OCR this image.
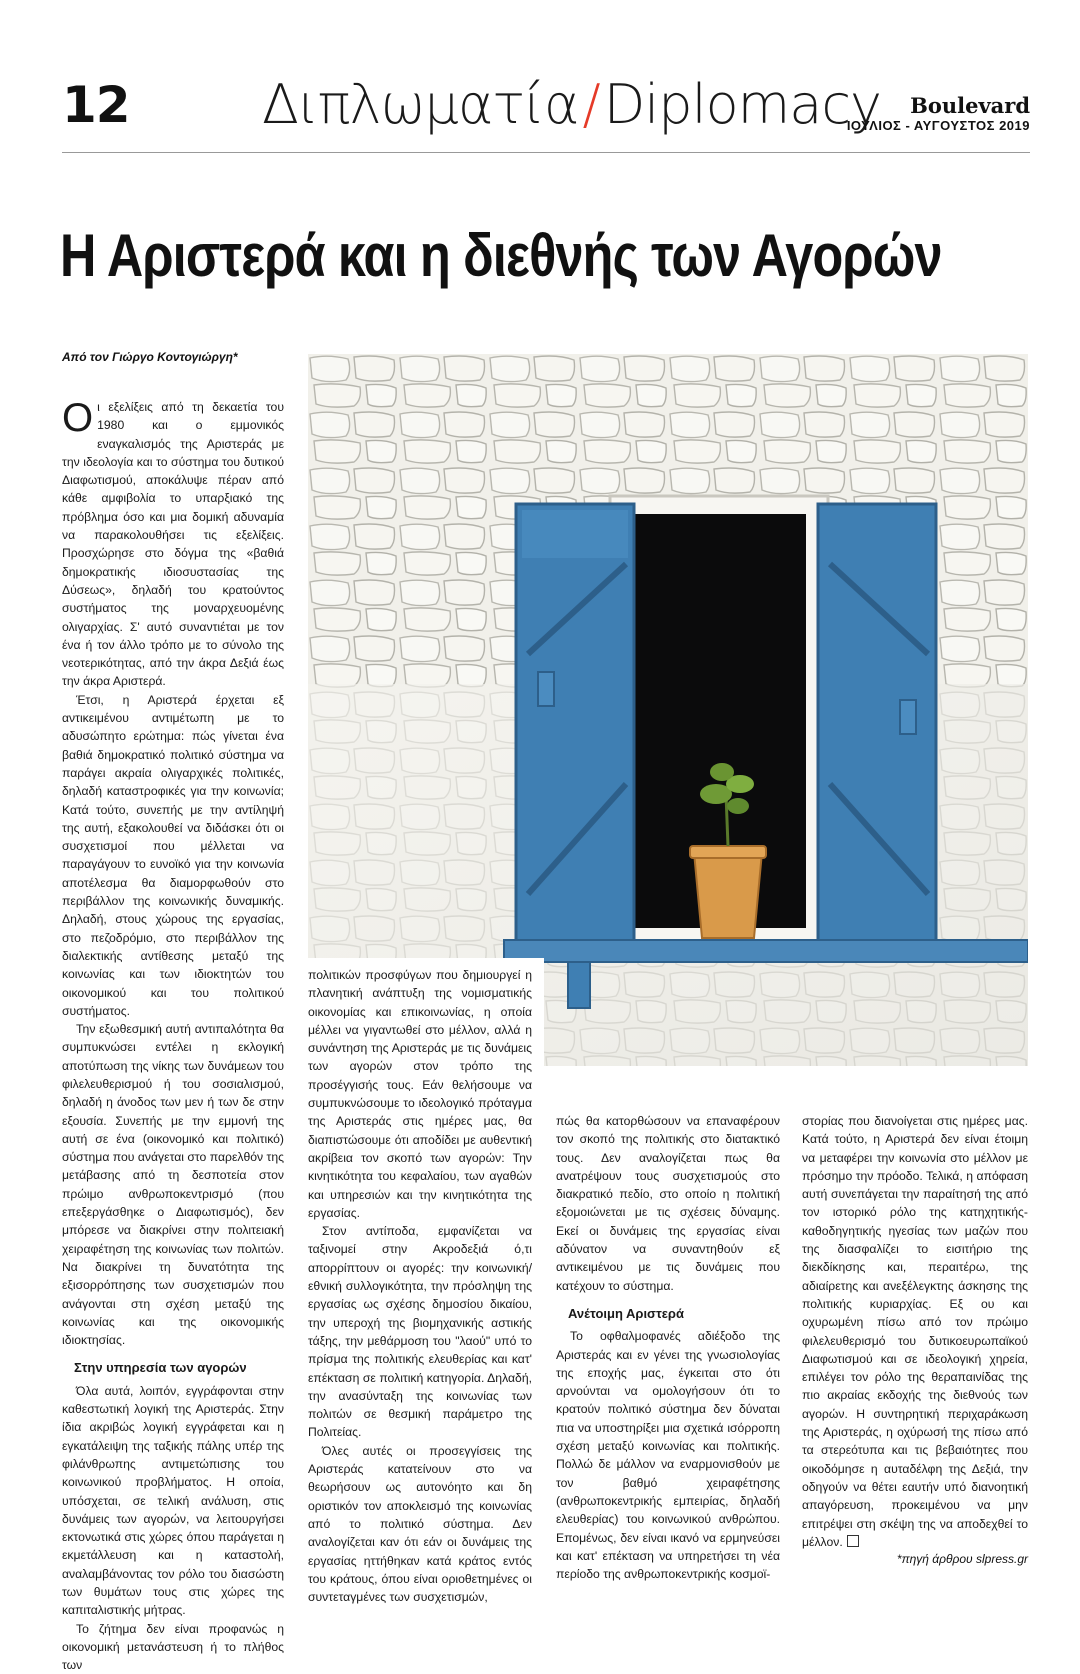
12 Διπλωματία/Diplomacy	Boulevard
ΙΟΥΛΙΟΣ - ΑΥΓΟΥΣΤΟΣ 2019
Η Αριστερά και η διεθνής των Αγορών
Από τον Γιώργο Κοντογιώργη*

Οι εξελίξεις από τη δεκαετία του 1980 και ο εμμονικός εναγκαλισμός της Αριστεράς με την ιδεολογία και το σύστημα του δυτικού Διαφωτισμού, αποκάλυψε πέραν από κάθε αμφιβολία το υπαρξιακό της πρόβλημα όσο και μια δομική αδυναμία να παρακολουθήσει τις εξελίξεις. Προσχώρησε στο δόγμα της «βαθιά δημοκρατικής ιδιοσυστασίας της Δύσεως», δηλαδή του κρατούντος συστήματος της μοναρχευομένης ολιγαρχίας. Σ' αυτό συναντιέται με τον ένα ή τον άλλο τρόπο με το σύνολο της νεοτερικότητας, από την άκρα Δεξιά έως την άκρα Αριστερά.

Έτσι, η Αριστερά έρχεται εξ αντικειμένου αντιμέτωπη με το αδυσώπητο ερώτημα: πώς γίνεται ένα βαθιά δημοκρατικό πολιτικό σύστημα να παράγει ακραία ολιγαρχικές πολιτικές, δηλαδή καταστροφικές για την κοινωνία; Κατά τούτο, συνεπής με την αντίληψή της αυτή, εξακολουθεί να διδάσκει ότι οι συσχετισμοί που μέλλεται να παραγάγουν το ευνοϊκό για την κοινωνία αποτέλεσμα θα διαμορφωθούν στο περιβάλλον της κοινωνικής δυναμικής. Δηλαδή, στους χώρους της εργασίας, στο πεζοδρόμιο, στο περιβάλλον της διαλεκτικής αντίθεσης μεταξύ της κοινωνίας και των ιδιοκτητών του οικονομικού και του πολιτικού συστήματος.

Την εξωθεσμική αυτή αντιπαλότητα θα συμπυκνώσει εντέλει η εκλογική αποτύπωση της νίκης των δυνάμεων του φιλελευθερισμού ή του σοσιαλισμού, δηλαδή η άνοδος των μεν ή των δε στην εξουσία. Συνεπής με την εμμονή της αυτή σε ένα (οικονομικό και πολιτικό) σύστημα που ανάγεται στο παρελθόν της μετάβασης από τη δεσποτεία στον πρώιμο ανθρωποκεντρισμό (που επεξεργάσθηκε ο Διαφωτισμός), δεν μπόρεσε να διακρίνει στην πολιτειακή χειραφέτηση της κοινωνίας των πολιτών. Να διακρίνει τη δυνατότητα της εξισορρόπησης των συσχετισμών που ανάγονται στη σχέση μεταξύ της κοινωνίας και της οικονομικής ιδιοκτησίας.

Στην υπηρεσία των αγορών

Όλα αυτά, λοιπόν, εγγράφονται στην καθεστωτική λογική της Αριστεράς. Στην ίδια ακριβώς λογική εγγράφεται και η εγκατάλειψη της ταξικής πάλης υπέρ της φιλάνθρωπης αντιμετώπισης του κοινωνικού προβλήματος. Η οποία, υπόσχεται, σε τελική ανάλυση, στις δυνάμεις των αγορών, να λειτουργήσει εκτονωτικά στις χώρες όπου παράγεται η εκμετάλλευση και η καταστολή, αναλαμβάνοντας τον ρόλο του διασώστη των θυμάτων τους στις χώρες της καπιταλιστικής μήτρας.

Το ζήτημα δεν είναι προφανώς η οικονομική μετανάστευση ή το πλήθος των

πολιτικών προσφύγων που δημιουργεί η πλανητική ανάπτυξη της νομισματικής οικονομίας και επικοινωνίας, η οποία μέλλει να γιγαντωθεί στο μέλλον, αλλά η συνάντηση της Αριστεράς με τις δυνάμεις των αγορών στον τρόπο της προσέγγισής τους. Εάν θελήσουμε να συμπυκνώσουμε το ιδεολογικό πρόταγμα της Αριστεράς στις ημέρες μας, θα διαπιστώσουμε ότι αποδίδει με αυθεντική ακρίβεια τον σκοπό των αγορών: Την κινητικότητα του κεφαλαίου, των αγαθών και υπηρεσιών και την κινητικότητα της εργασίας.

Στον αντίποδα, εμφανίζεται να ταξινομεί στην Ακροδεξιά ό,τι απορρίπτουν οι αγορές: την κοινωνική/εθνική συλλογικότητα, την πρόσληψη της εργασίας ως σχέσης δημοσίου δικαίου, την υπεροχή της βιομηχανικής αστικής τάξης, την μεθάρμοση του "λαού" υπό το πρίσμα της πολιτικής ελευθερίας και κατ' επέκταση σε πολιτική κατηγορία. Δηλαδή, την ανασύνταξη της κοινωνίας των πολιτών σε θεσμική παράμετρο της Πολιτείας.

Όλες αυτές οι προσεγγίσεις της Αριστεράς κατατείνουν στο να θεωρήσουν ως αυτονόητο και δη οριστικόν τον αποκλεισμό της κοινωνίας από το πολιτικό σύστημα. Δεν αναλογίζεται καν ότι εάν οι δυνάμεις της εργασίας ηττήθηκαν κατά κράτος εντός του κράτους, όπου είναι οριοθετημένες οι συντεταγμένες των συσχετισμών,

πώς θα κατορθώσουν να επαναφέρουν τον σκοπό της πολιτικής στο διατακτικό τους. Δεν αναλογίζεται πως θα ανατρέψουν τους συσχετισμούς στο διακρατικό πεδίο, στο οποίο η πολιτική εξομοιώνεται με τις σχέσεις δύναμης. Εκεί οι δυνάμεις της εργασίας είναι αδύνατον να συναντηθούν εξ αντικειμένου με τις δυνάμεις που κατέχουν το σύστημα.

Ανέτοιμη Αριστερά

Το οφθαλμοφανές αδιέξοδο της Αριστεράς και εν γένει της γνωσιολογίας της εποχής μας, έγκειται στο ότι αρνούνται να ομολογήσουν ότι το κρατούν πολιτικό σύστημα δεν δύναται πια να υποστηρίξει μια σχετικά ισόρροπη σχέση μεταξύ κοινωνίας και πολιτικής. Πολλώ δε μάλλον να εναρμονισθούν με τον βαθμό χειραφέτησης (ανθρωποκεντρικής εμπειρίας, δηλαδή ελευθερίας) του κοινωνικού ανθρώπου. Επομένως, δεν είναι ικανό να ερμηνεύσει και κατ' επέκταση να υπηρετήσει τη νέα περίοδο της ανθρωποκεντρικής κοσμοϊ-

στορίας που διανοίγεται στις ημέρες μας. Κατά τούτο, η Αριστερά δεν είναι έτοιμη να μεταφέρει την κοινωνία στο μέλλον με πρόσημο την πρόοδο. Τελικά, η απόφαση αυτή συνεπάγεται την παραίτησή της από τον ιστορικό ρόλο της κατηχητικής-καθοδηγητικής ηγεσίας των μαζών που της διασφαλίζει το εισιτήριο της διεκδίκησης και, περαιτέρω, της αδιαίρετης και ανεξέλεγκτης άσκησης της πολιτικής κυριαρχίας. Εξ ου και οχυρωμένη πίσω από τον πρώιμο φιλελευθερισμό του δυτικοευρωπαϊκού Διαφωτισμού και σε ιδεολογική χηρεία, επιλέγει τον ρόλο της θεραπαινίδας της πιο ακραίας εκδοχής της διεθνούς των αγορών. Η συντηρητική περιχαράκωση της Αριστεράς, η οχύρωσή της πίσω από τα στερεότυπα και τις βεβαιότητες που οικοδόμησε η αυταδέλφη της Δεξιά, την οδηγούν να θέτει εαυτήν υπό διανοητική απαγόρευση, προκειμένου να μην επιτρέψει στη σκέψη της να αποδεχθεί το μέλλον.

*πηγή άρθρου slpress.gr
